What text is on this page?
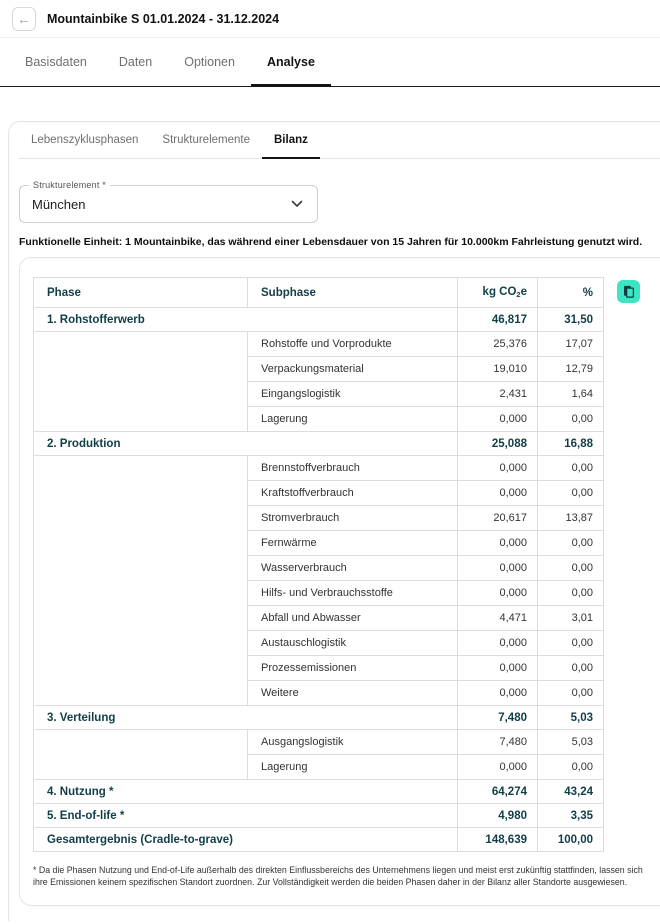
← Mountainbike S 01.01.2024 - 31.12.2024
Basisdaten	Daten	Optionen	Analyse
Lebenszyklusphasen Strukturelemente Bilanz
Strukturelement *
München

Funktionelle Einheit: 1 Mountainbike, das während einer Lebensdauer von 15 Jahren für 10.000km Fahrleistung genutzt wird.

Phase	Subphase	kg CO2e	%
1. Rohstofferwerb		46,817	31,50
	Rohstoffe und Vorprodukte	25,376	17,07
	Verpackungsmaterial	19,010	12,79
	Eingangslogistik	2,431	1,64
	Lagerung	0,000	0,00
2. Produktion		25,088	16,88
	Brennstoffverbrauch	0,000	0,00
	Kraftstoffverbrauch	0,000	0,00
	Stromverbrauch	20,617	13,87
	Fernwärme	0,000	0,00
	Wasserverbrauch	0,000	0,00
	Hilfs- und Verbrauchsstoffe	0,000	0,00
	Abfall und Abwasser	4,471	3,01
	Austauschlogistik	0,000	0,00
	Prozessemissionen	0,000	0,00
	Weitere	0,000	0,00
3. Verteilung		7,480	5,03
	Ausgangslogistik	7,480	5,03
	Lagerung	0,000	0,00
4. Nutzung *		64,274	43,24
5. End-of-life *		4,980	3,35
Gesamtergebnis (Cradle-to-grave)		148,639	100,00

* Da die Phasen Nutzung und End-of-Life außerhalb des direkten Einflussbereichs des Unternehmens liegen und meist erst zukünftig stattfinden, lassen sich ihre Emissionen keinem spezifischen Standort zuordnen. Zur Vollständigkeit werden die beiden Phasen daher in der Bilanz aller Standorte ausgewiesen.
